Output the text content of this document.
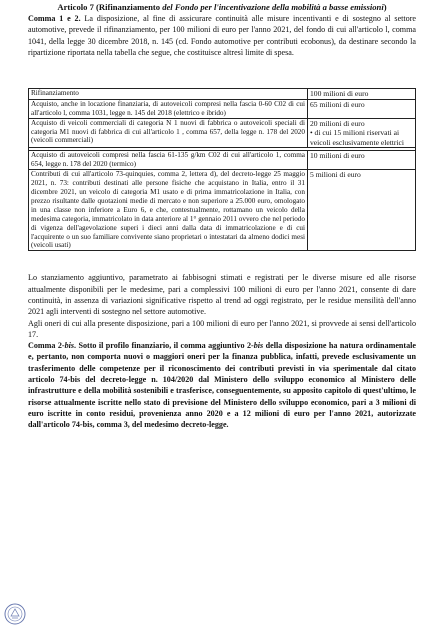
Articolo 7 (Rifinanziamento del Fondo per l'incentivazione della mobilità a basse emissioni)
Comma 1 e 2. La disposizione, al fine di assicurare continuità alle misure incentivanti e di sostegno al settore automotive, prevede il rifinanziamento, per 100 milioni di euro per l'anno 2021, del fondo di cui all'articolo l, comma 1041, della legge 30 dicembre 2018, n. 145 (cd. Fondo automotive per contributi ecobonus), da destinare secondo la ripartizione riportata nella tabella che segue, che costituisce altresì limite di spesa.
Rifinanziamento	100 milioni di euro
Acquisto, anche in locazione finanziaria, di autoveicoli compresi nella fascia 0-60 C02 di cui all'articolo l, comma 1031, legge n. 145 del 2018 (elettrico e ibrido)
65 milioni di euro
Acquisto di veicoli commerciali di categoria N 1 nuovi di fabbrica o autoveicoli speciali di categoria M1 nuovi di fabbrica di cui all'articolo 1 , comma 657, della legge n. 178 del 2020 (veicoli commerciali)
20 milioni di euro
• di cui 15 milioni riservati ai veicoli esclusivamente elettrici
Acquisto di autoveicoli compresi nella fascia 61-135 g/km C02 di cui all'articolo 1, comma 654, legge n. 178 del 2020 (termico)
10 milioni di euro
Contributi di cui all'articolo 73-quinquies, comma 2, lettera d), del decreto-legge 25 maggio 2021, n. 73: contributi destinati alle persone fisiche che acquistano in Italia, entro il 31 dicembre 2021, un veicolo di categoria M1 usato e di prima immatricolazione in Italia, con prezzo risultante dalle quotazioni medie di mercato e non superiore a 25.000 euro, omologato in una classe non inferiore a Euro 6, e che, contestualmente, rottamano un veicolo della medesima categoria, immatricolato in data anteriore al 1° gennaio 2011 ovvero che nel periodo di vigenza dell'agevolazione superi i dieci anni dalla data di immatricolazione e di cui l'acquirente o un suo familiare convivente siano proprietari o intestatari da almeno dodici mesi (veicoli usati)
5 milioni di euro
Lo stanziamento aggiuntivo, parametrato ai fabbisogni stimati e registrati per le diverse misure ed alle risorse attualmente disponibili per le medesime, pari a complessivi 100 milioni di euro per l'anno 2021, consente di dare continuità, in assenza di variazioni significative rispetto al trend ad oggi registrato, per le residue mensilità dell'anno 2021 agli interventi di sostegno nel settore automotive.
Agli oneri di cui alla presente disposizione, pari a 100 milioni di euro per l'anno 2021, si provvede ai sensi dell'articolo 17.
Comma 2-bis. Sotto il profilo finanziario, il comma aggiuntivo 2-bis della disposizione ha natura ordinamentale e, pertanto, non comporta nuovi o maggiori oneri per la finanza pubblica, infatti, prevede esclusivamente un trasferimento delle competenze per il riconoscimento dei contributi previsti in via sperimentale dal citato articolo 74-bis del decreto-legge n. 104/2020 dal Ministero dello sviluppo economico al Ministero delle infrastrutture e della mobilità sostenibili e trasferisce, conseguentemente, su apposito capitolo di quest'ultimo, le risorse attualmente iscritte nello stato di previsione del Ministero dello sviluppo economico, pari a 3 milioni di euro iscritte in conto residui, provenienza anno 2020 e a 12 milioni di euro per l'anno 2021, autorizzate dall'articolo 74-bis, comma 3, del medesimo decreto-legge.
